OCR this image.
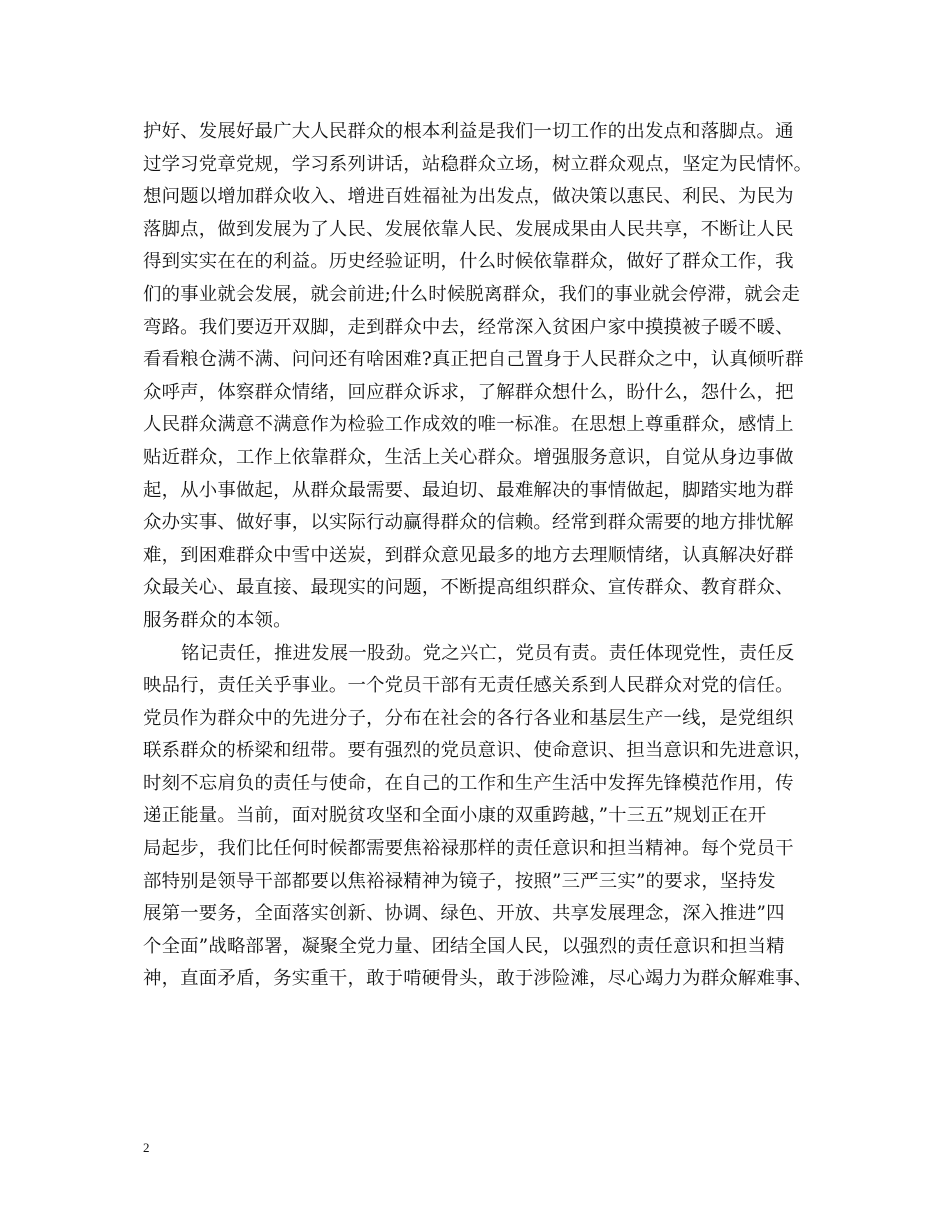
护好、发展好最广大人民群众的根本利益是我们一切工作的出发点和落脚点。通
过学习党章党规，学习系列讲话，站稳群众立场，树立群众观点，坚定为民情怀。
想问题以增加群众收入、增进百姓福祉为出发点，做决策以惠民、利民、为民为
落脚点，做到发展为了人民、发展依靠人民、发展成果由人民共享，不断让人民
得到实实在在的利益。历史经验证明，什么时候依靠群众，做好了群众工作，我
们的事业就会发展，就会前进;什么时候脱离群众，我们的事业就会停滞，就会走
弯路。我们要迈开双脚，走到群众中去，经常深入贫困户家中摸摸被子暖不暖、
看看粮仓满不满、问问还有啥困难?真正把自己置身于人民群众之中，认真倾听群
众呼声，体察群众情绪，回应群众诉求，了解群众想什么，盼什么，怨什么，把
人民群众满意不满意作为检验工作成效的唯一标准。在思想上尊重群众，感情上
贴近群众，工作上依靠群众，生活上关心群众。增强服务意识，自觉从身边事做
起，从小事做起，从群众最需要、最迫切、最难解决的事情做起，脚踏实地为群
众办实事、做好事，以实际行动赢得群众的信赖。经常到群众需要的地方排忧解
难，到困难群众中雪中送炭，到群众意见最多的地方去理顺情绪，认真解决好群
众最关心、最直接、最现实的问题，不断提高组织群众、宣传群众、教育群众、
服务群众的本领。
铭记责任，推进发展一股劲。党之兴亡，党员有责。责任体现党性，责任反
映品行，责任关乎事业。一个党员干部有无责任感关系到人民群众对党的信任。
党员作为群众中的先进分子，分布在社会的各行各业和基层生产一线，是党组织
联系群众的桥梁和纽带。要有强烈的党员意识、使命意识、担当意识和先进意识，
时刻不忘肩负的责任与使命，在自己的工作和生产生活中发挥先锋模范作用，传
递正能量。当前，面对脱贫攻坚和全面小康的双重跨越，”十三五”规划正在开
局起步，我们比任何时候都需要焦裕禄那样的责任意识和担当精神。每个党员干
部特别是领导干部都要以焦裕禄精神为镜子，按照”三严三实”的要求，坚持发
展第一要务，全面落实创新、协调、绿色、开放、共享发展理念，深入推进”四
个全面”战略部署，凝聚全党力量、团结全国人民，以强烈的责任意识和担当精
神，直面矛盾，务实重干，敢于啃硬骨头，敢于涉险滩，尽心竭力为群众解难事、
2
